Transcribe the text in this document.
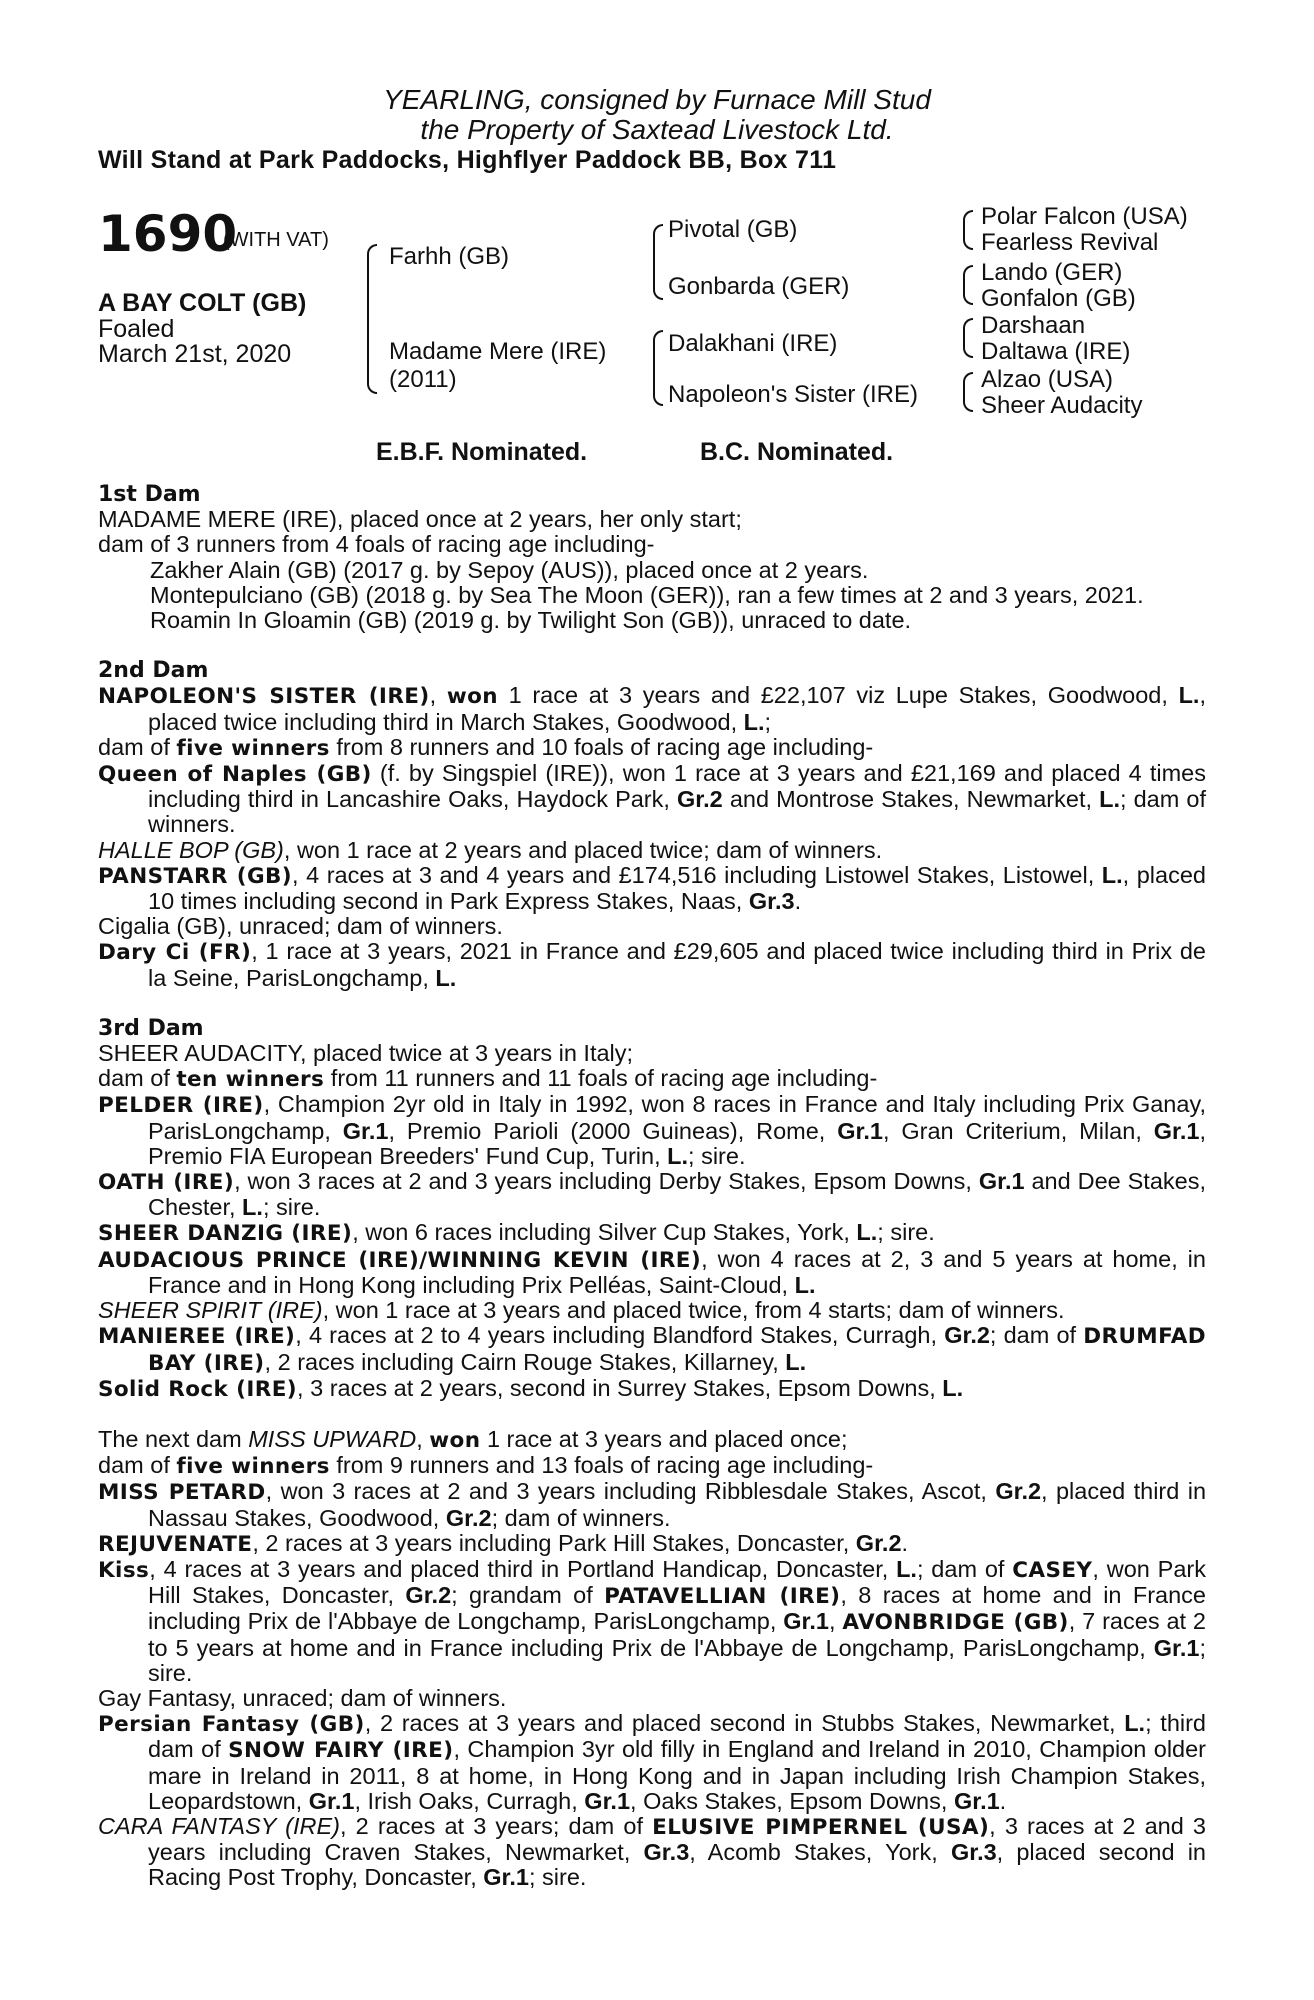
YEARLING, consigned by Furnace Mill Stud
the Property of Saxtead Livestock Ltd.
Will Stand at Park Paddocks, Highflyer Paddock BB, Box 711
1690
(WITH VAT)
A BAY COLT (GB)
Foaled
March 21st, 2020
Farhh (GB)
Madame Mere (IRE)
(2011)
Pivotal (GB)
Gonbarda (GER)
Dalakhani (IRE)
Napoleon's Sister (IRE)
Polar Falcon (USA)
Fearless Revival
Lando (GER)
Gonfalon (GB)
Darshaan
Daltawa (IRE)
Alzao (USA)
Sheer Audacity
E.B.F. Nominated.	B.C. Nominated.

1st Dam

MADAME MERE (IRE), placed once at 2 years, her only start;

dam of 3 runners from 4 foals of racing age including-

Zakher Alain (GB) (2017 g. by Sepoy (AUS)), placed once at 2 years.

Montepulciano (GB) (2018 g. by Sea The Moon (GER)), ran a few times at 2 and 3 years, 2021.

Roamin In Gloamin (GB) (2019 g. by Twilight Son (GB)), unraced to date.

2nd Dam

NAPOLEON'S SISTER (IRE), won 1 race at 3 years and £22,107 viz Lupe Stakes, Goodwood, L., placed twice including third in March Stakes, Goodwood, L.;

dam of five winners from 8 runners and 10 foals of racing age including-

Queen of Naples (GB) (f. by Singspiel (IRE)), won 1 race at 3 years and £21,169 and placed 4 times including third in Lancashire Oaks, Haydock Park, Gr.2 and Montrose Stakes, Newmarket, L.; dam of winners.

HALLE BOP (GB), won 1 race at 2 years and placed twice; dam of winners.

PANSTARR (GB), 4 races at 3 and 4 years and £174,516 including Listowel Stakes, Listowel, L., placed 10 times including second in Park Express Stakes, Naas, Gr.3.

Cigalia (GB), unraced; dam of winners.

Dary Ci (FR), 1 race at 3 years, 2021 in France and £29,605 and placed twice including third in Prix de la Seine, ParisLongchamp, L.

3rd Dam

SHEER AUDACITY, placed twice at 3 years in Italy;

dam of ten winners from 11 runners and 11 foals of racing age including-

PELDER (IRE), Champion 2yr old in Italy in 1992, won 8 races in France and Italy including Prix Ganay, ParisLongchamp, Gr.1, Premio Parioli (2000 Guineas), Rome, Gr.1, Gran Criterium, Milan, Gr.1, Premio FIA European Breeders' Fund Cup, Turin, L.; sire.

OATH (IRE), won 3 races at 2 and 3 years including Derby Stakes, Epsom Downs, Gr.1 and Dee Stakes, Chester, L.; sire.

SHEER DANZIG (IRE), won 6 races including Silver Cup Stakes, York, L.; sire.

AUDACIOUS PRINCE (IRE)/WINNING KEVIN (IRE), won 4 races at 2, 3 and 5 years at home, in France and in Hong Kong including Prix Pelléas, Saint-Cloud, L.

SHEER SPIRIT (IRE), won 1 race at 3 years and placed twice, from 4 starts; dam of winners.

MANIEREE (IRE), 4 races at 2 to 4 years including Blandford Stakes, Curragh, Gr.2; dam of DRUMFAD BAY (IRE), 2 races including Cairn Rouge Stakes, Killarney, L.

Solid Rock (IRE), 3 races at 2 years, second in Surrey Stakes, Epsom Downs, L.

The next dam MISS UPWARD, won 1 race at 3 years and placed once;

dam of five winners from 9 runners and 13 foals of racing age including-

MISS PETARD, won 3 races at 2 and 3 years including Ribblesdale Stakes, Ascot, Gr.2, placed third in Nassau Stakes, Goodwood, Gr.2; dam of winners.

REJUVENATE, 2 races at 3 years including Park Hill Stakes, Doncaster, Gr.2.

Kiss, 4 races at 3 years and placed third in Portland Handicap, Doncaster, L.; dam of CASEY, won Park Hill Stakes, Doncaster, Gr.2; grandam of PATAVELLIAN (IRE), 8 races at home and in France including Prix de l'Abbaye de Longchamp, ParisLongchamp, Gr.1, AVONBRIDGE (GB), 7 races at 2 to 5 years at home and in France including Prix de l'Abbaye de Longchamp, ParisLongchamp, Gr.1; sire.

Gay Fantasy, unraced; dam of winners.

Persian Fantasy (GB), 2 races at 3 years and placed second in Stubbs Stakes, Newmarket, L.; third dam of SNOW FAIRY (IRE), Champion 3yr old filly in England and Ireland in 2010, Champion older mare in Ireland in 2011, 8 at home, in Hong Kong and in Japan including Irish Champion Stakes, Leopardstown, Gr.1, Irish Oaks, Curragh, Gr.1, Oaks Stakes, Epsom Downs, Gr.1.

CARA FANTASY (IRE), 2 races at 3 years; dam of ELUSIVE PIMPERNEL (USA), 3 races at 2 and 3 years including Craven Stakes, Newmarket, Gr.3, Acomb Stakes, York, Gr.3, placed second in Racing Post Trophy, Doncaster, Gr.1; sire.
